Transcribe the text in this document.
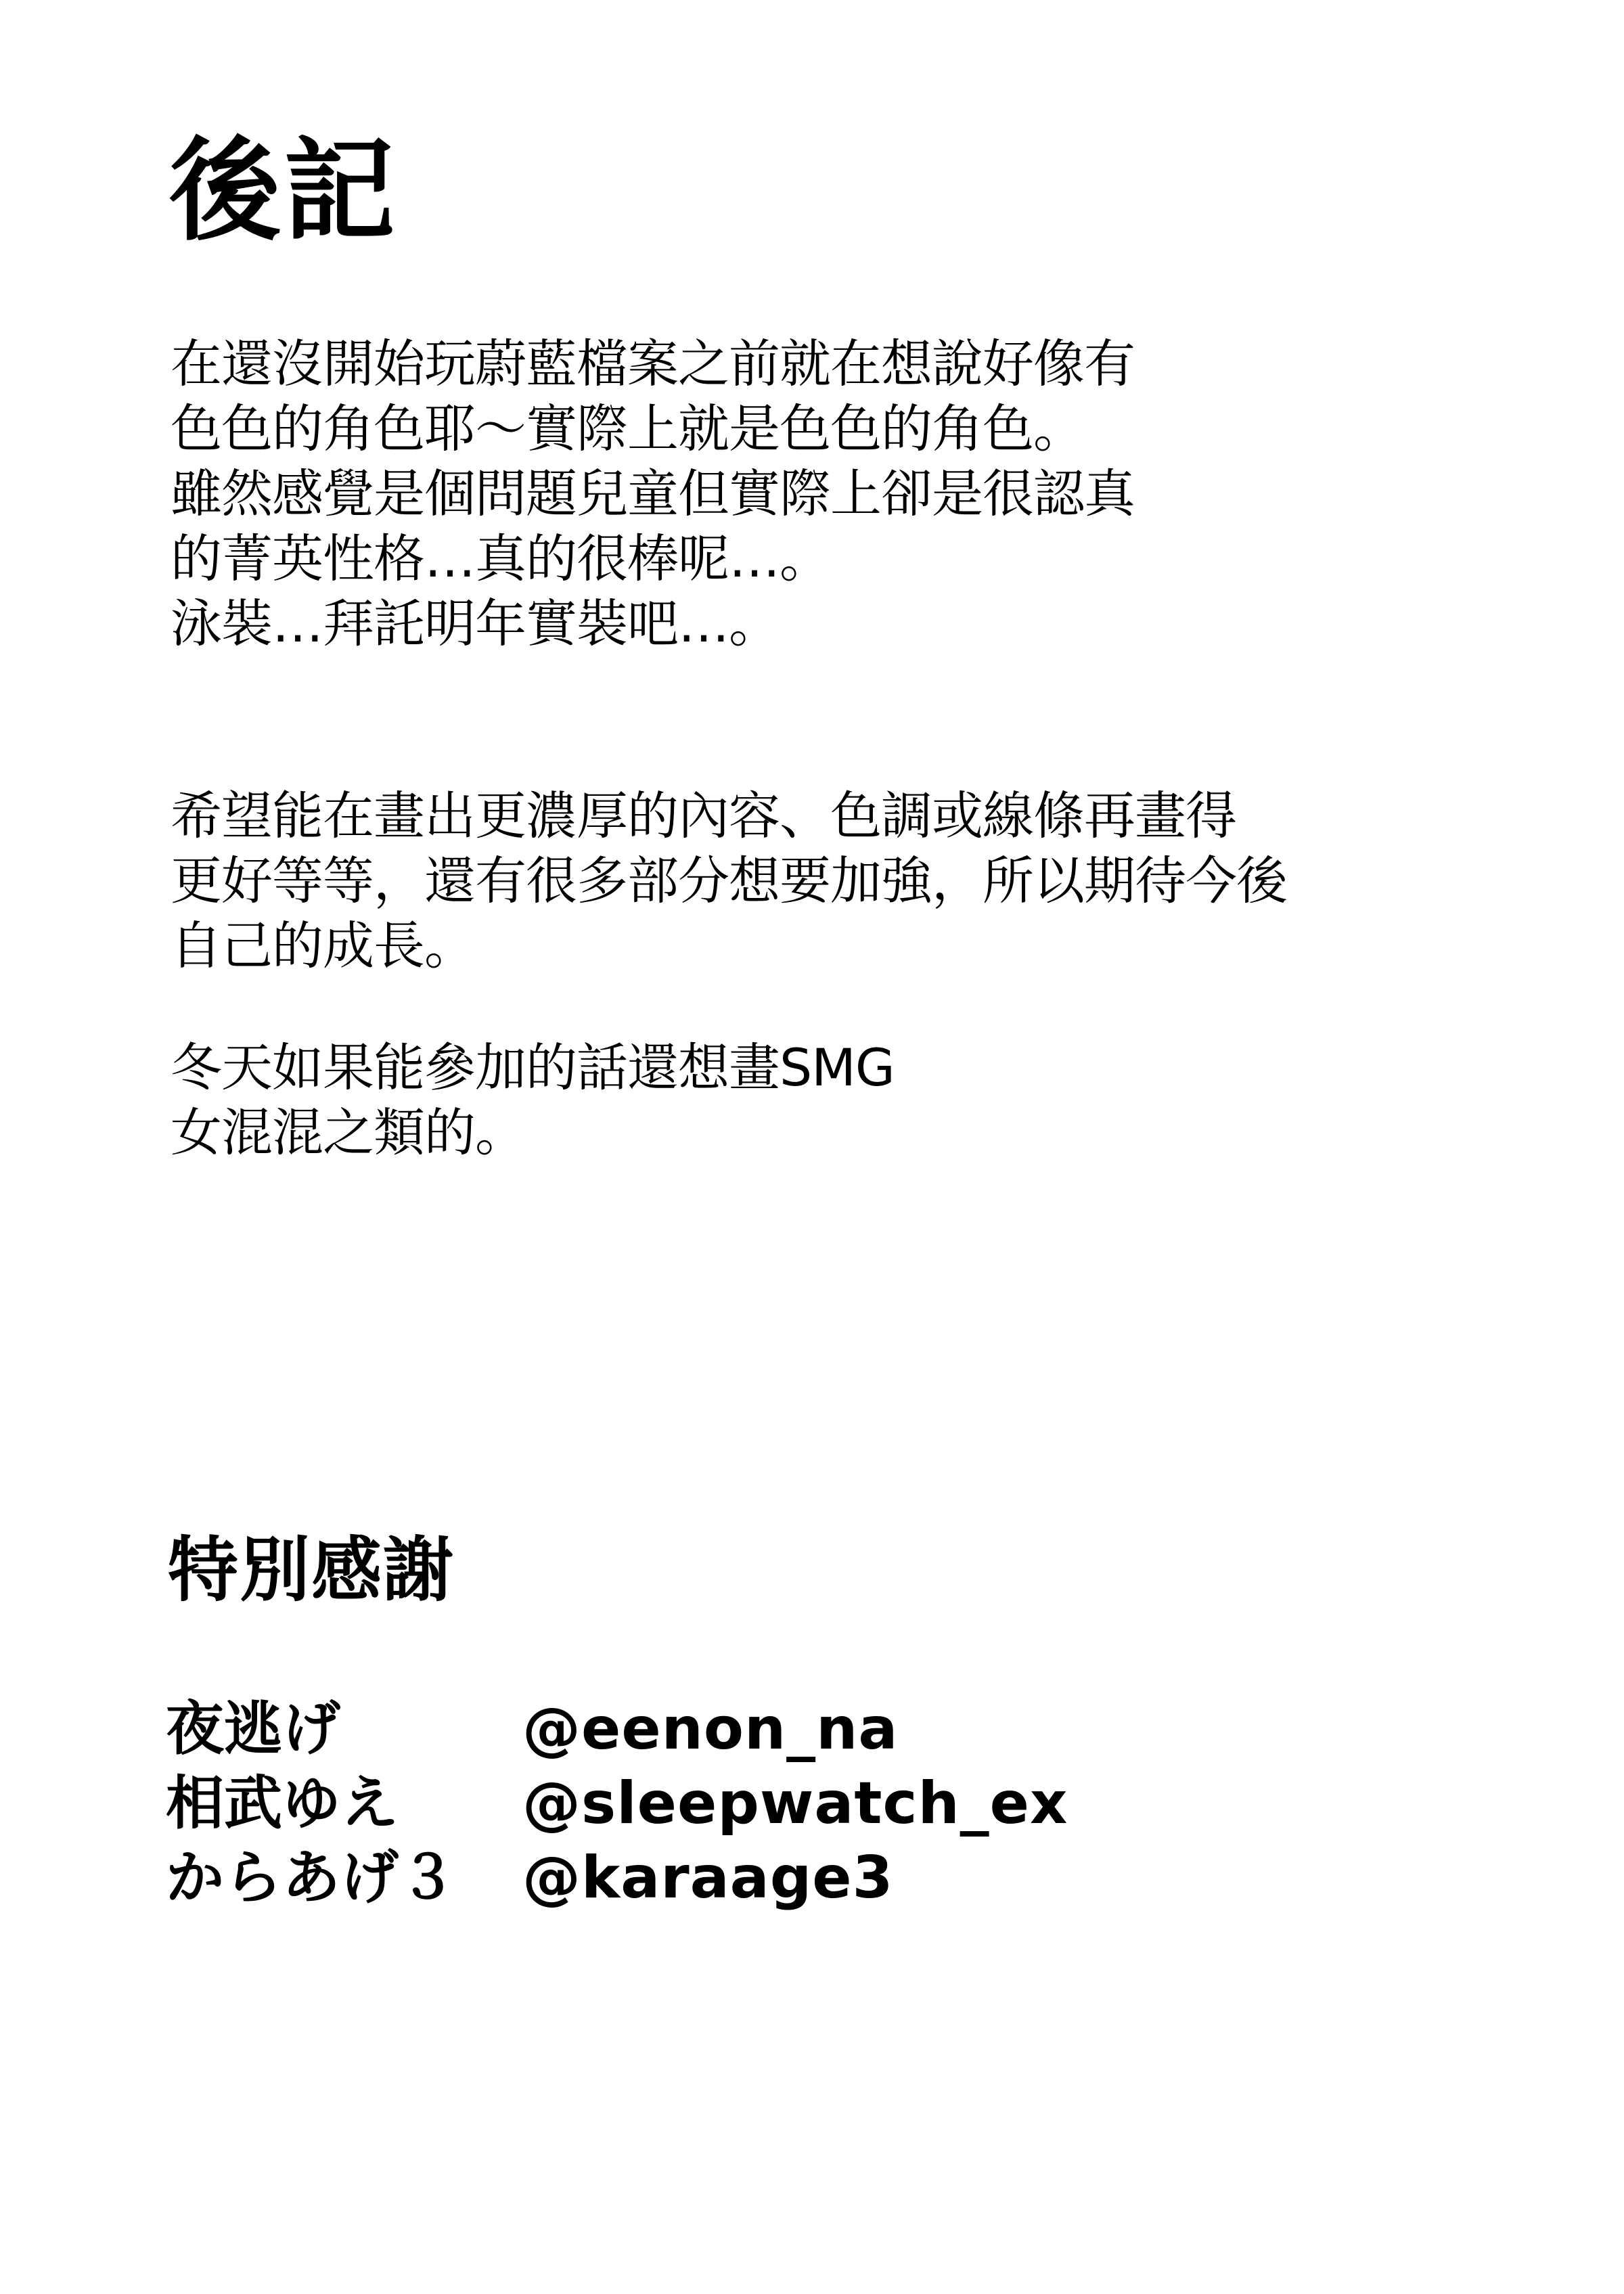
後記
在還沒開始玩蔚藍檔案之前就在想說好像有
色色的角色耶～實際上就是色色的角色。
雖然感覺是個問題兒童但實際上卻是很認真
的菁英性格…真的很棒呢…。
泳裝…拜託明年實裝吧…。
希望能在畫出更濃厚的內容、色調或線條再畫得
更好等等，還有很多部分想要加強，所以期待今後
自己的成長。
冬天如果能參加的話還想畫SMG
女混混之類的。
特別感謝
夜逃げ	@eenon_na
相武ゆえ @sleepwatch_ex
からあげ３ @karaage3
